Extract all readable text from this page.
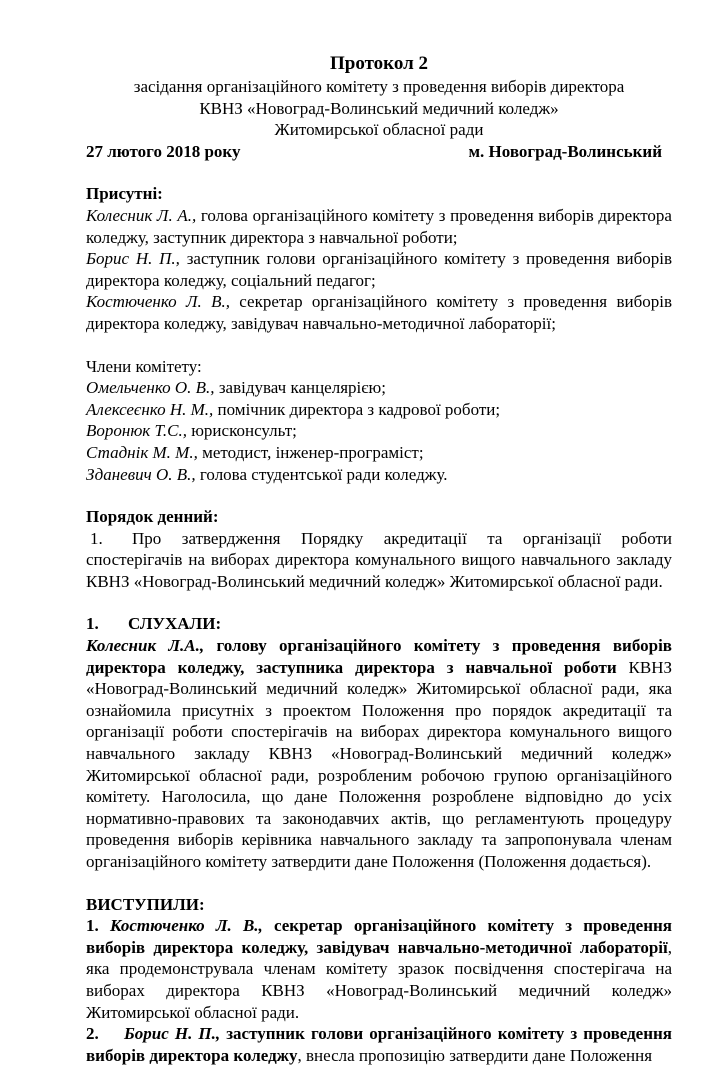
Протокол 2

засідання організаційного комітету з проведення виборів директора

КВНЗ «Новоград-Волинський медичний коледж»

Житомирської обласної ради

27 лютого 2018 року	м. Новоград-Волинський

Присутні:

Колесник Л. А., голова організаційного комітету з проведення виборів директора коледжу, заступник директора з навчальної роботи;

Борис Н. П., заступник голови організаційного комітету з проведення виборів директора коледжу, соціальний педагог;

Костюченко Л. В., секретар організаційного комітету з проведення виборів директора коледжу, завідувач навчально-методичної лабораторії;

Члени комітету:

Омельченко О. В., завідувач канцелярією;

Алексеєнко Н. М., помічник директора з кадрової роботи;

Воронюк Т.С., юрисконсульт;

Стаднік М. М., методист, інженер-програміст;

Зданевич О. В., голова студентської ради коледжу.

Порядок денний:

1. Про затвердження Порядку акредитації та організації роботи спостерігачів на виборах директора комунального вищого навчального закладу КВНЗ «Новоград-Волинський медичний коледж» Житомирської обласної ради.

1. СЛУХАЛИ:

Колесник Л.А., голову організаційного комітету з проведення виборів директора коледжу, заступника директора з навчальної роботи КВНЗ «Новоград-Волинський медичний коледж» Житомирської обласної ради, яка ознайомила присутніх з проектом Положення про порядок акредитації та організації роботи спостерігачів на виборах директора комунального вищого навчального закладу КВНЗ «Новоград-Волинський медичний коледж» Житомирської обласної ради, розробленим робочою групою організаційного комітету. Наголосила, що дане Положення розроблене відповідно до усіх нормативно-правових та законодавчих актів, що регламентують процедуру проведення виборів керівника навчального закладу та запропонувала членам організаційного комітету затвердити дане Положення (Положення додається).

ВИСТУПИЛИ:

1. Костюченко Л. В., секретар організаційного комітету з проведення виборів директора коледжу, завідувач навчально-методичної лабораторії, яка продемонструвала членам комітету зразок посвідчення спостерігача на виборах директора КВНЗ «Новоград-Волинський медичний коледж» Житомирської обласної ради.

2. Борис Н. П., заступник голови організаційного комітету з проведення виборів директора коледжу, внесла пропозицію затвердити дане Положення
